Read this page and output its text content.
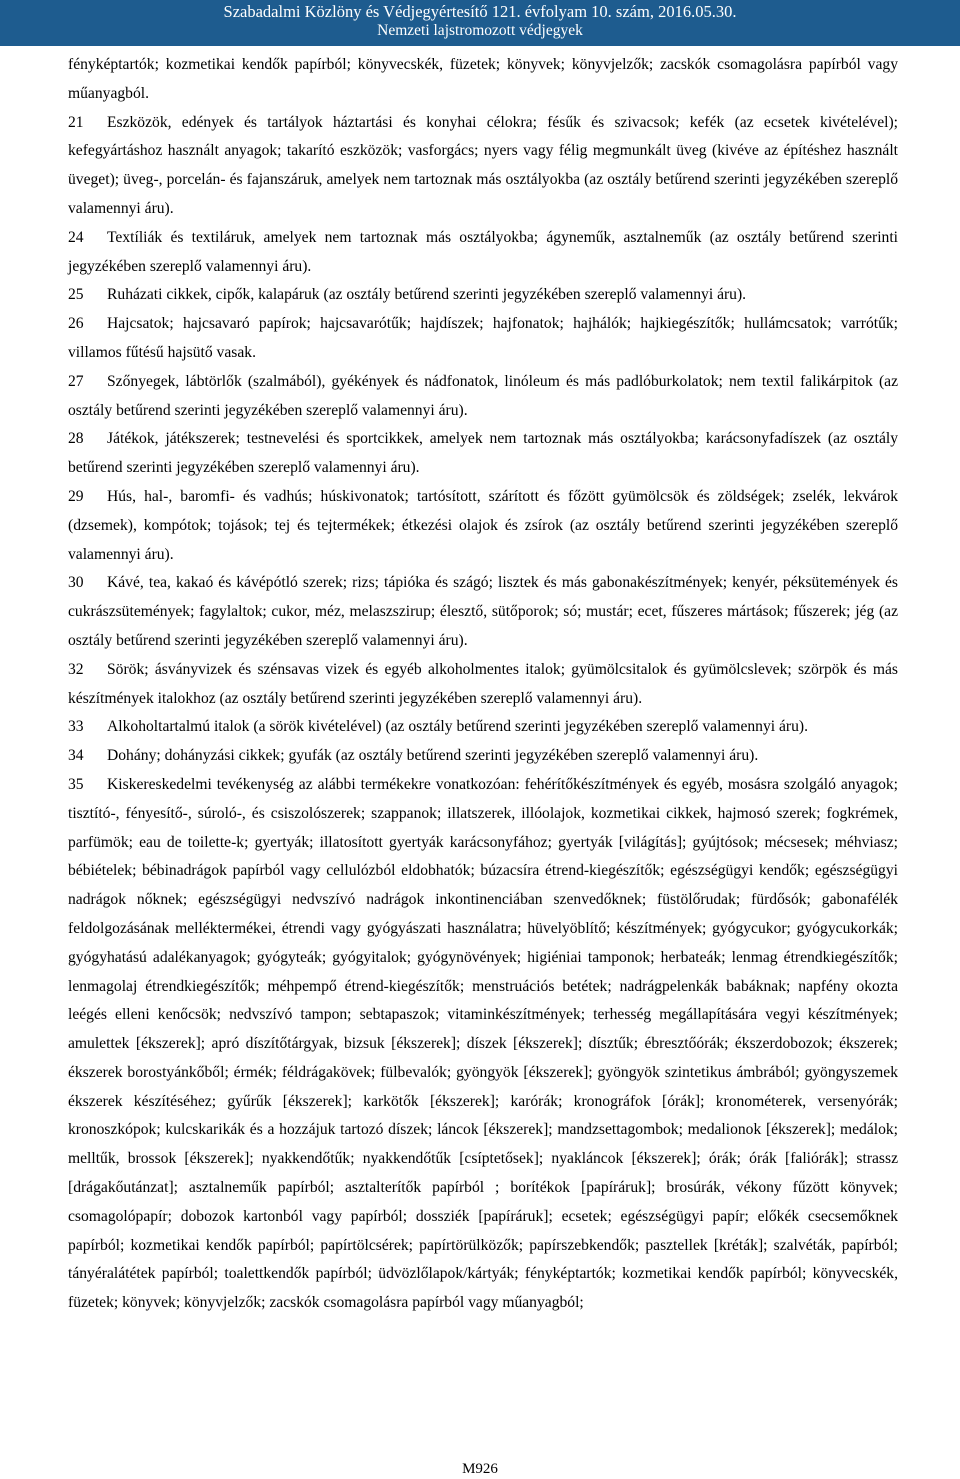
Szabadalmi Közlöny és Védjegyértesítő 121. évfolyam 10. szám, 2016.05.30.
Nemzeti lajstromozott védjegyek

fényképtartók; kozmetikai kendők papírból; könyvecskék, füzetek; könyvek; könyvjelzők; zacskók csomagolásra papírból vagy műanyagból.

21 Eszközök, edények és tartályok háztartási és konyhai célokra; fésűk és szivacsok; kefék (az ecsetek kivételével); kefegyártáshoz használt anyagok; takarító eszközök; vasforgács; nyers vagy félig megmunkált üveg (kivéve az építéshez használt üveget); üveg-, porcelán- és fajanszáruk, amelyek nem tartoznak más osztályokba (az osztály betűrend szerinti jegyzékében szereplő valamennyi áru).

24 Textíliák és textiláruk, amelyek nem tartoznak más osztályokba; ágyneműk, asztalneműk (az osztály betűrend szerinti jegyzékében szereplő valamennyi áru).

25 Ruházati cikkek, cipők, kalapáruk (az osztály betűrend szerinti jegyzékében szereplő valamennyi áru).

26 Hajcsatok; hajcsavaró papírok; hajcsavarótűk; hajdíszek; hajfonatok; hajhálók; hajkiegészítők; hullámcsatok; varrótűk; villamos fűtésű hajsütő vasak.

27 Szőnyegek, lábtörlők (szalmából), gyékények és nádfonatok, linóleum és más padlóburkolatok; nem textil falikárpitok (az osztály betűrend szerinti jegyzékében szereplő valamennyi áru).

28 Játékok, játékszerek; testnevelési és sportcikkek, amelyek nem tartoznak más osztályokba; karácsonyfadíszek (az osztály betűrend szerinti jegyzékében szereplő valamennyi áru).

29 Hús, hal-, baromfi- és vadhús; húskivonatok; tartósított, szárított és főzött gyümölcsök és zöldségek; zselék, lekvárok (dzsemek), kompótok; tojások; tej és tejtermékek; étkezési olajok és zsírok (az osztály betűrend szerinti jegyzékében szereplő valamennyi áru).

30 Kávé, tea, kakaó és kávépótló szerek; rizs; tápióka és szágó; lisztek és más gabonakészítmények; kenyér, péksütemények és cukrászsütemények; fagylaltok; cukor, méz, melaszszirup; élesztő, sütőporok; só; mustár; ecet, fűszeres mártások; fűszerek; jég (az osztály betűrend szerinti jegyzékében szereplő valamennyi áru).

32 Sörök; ásványvizek és szénsavas vizek és egyéb alkoholmentes italok; gyümölcsitalok és gyümölcslevek; szörpök és más készítmények italokhoz (az osztály betűrend szerinti jegyzékében szereplő valamennyi áru).

33 Alkoholtartalmú italok (a sörök kivételével) (az osztály betűrend szerinti jegyzékében szereplő valamennyi áru).

34 Dohány; dohányzási cikkek; gyufák (az osztály betűrend szerinti jegyzékében szereplő valamennyi áru).

35 Kiskereskedelmi tevékenység az alábbi termékekre vonatkozóan: fehérítőkészítmények és egyéb, mosásra szolgáló anyagok; tisztító-, fényesítő-, súroló-, és csiszolószerek; szappanok; illatszerek, illóolajok, kozmetikai cikkek, hajmosó szerek; fogkrémek, parfümök; eau de toilette-k; gyertyák; illatosított gyertyák karácsonyfához; gyertyák [világítás]; gyújtósok; mécsesek; méhviasz; bébiételek; bébinadrágok papírból vagy cellulózból eldobhatók; búzacsíra étrend-kiegészítők; egészségügyi kendők; egészségügyi nadrágok nőknek; egészségügyi nedvszívó nadrágok inkontinenciában szenvedőknek; füstölőrudak; fürdősók; gabonafélék feldolgozásának melléktermékei, étrendi vagy gyógyászati használatra; hüvelyöblítő; készítmények; gyógycukor; gyógycukorkák; gyógyhatású adalékanyagok; gyógyteák; gyógyitalok; gyógynövények; higiéniai tamponok; herbateák; lenmag étrendkiegészítők; lenmagolaj étrendkiegészítők; méhpempő étrend-kiegészítők; menstruációs betétek; nadrágpelenkák babáknak; napfény okozta leégés elleni kenőcsök; nedvszívó tampon; sebtapaszok; vitaminkészítmények; terhesség megállapítására vegyi készítmények; amulettek [ékszerek]; apró díszítőtárgyak, bizsuk [ékszerek]; díszek [ékszerek]; dísztűk; ébresztőórák; ékszerdobozok; ékszerek; ékszerek borostyánkőből; érmék; féldrágakövek; fülbevalók; gyöngyök [ékszerek]; gyöngyök szintetikus ámbrából; gyöngyszemek ékszerek készítéséhez; gyűrűk [ékszerek]; karkötők [ékszerek]; karórák; kronográfok [órák]; kronométerek, versenyórák; kronoszkópok; kulcskarikák és a hozzájuk tartozó díszek; láncok [ékszerek]; mandzsettagombok; medalionok [ékszerek]; medálok; melltűk, brossok [ékszerek]; nyakkendőtűk; nyakkendőtűk [csíptetősek]; nyakláncok [ékszerek]; órák; órák [faliórák]; strassz [drágakőutánzat]; asztalneműk papírból; asztalterítők papírból ; borítékok [papíráruk]; brosúrák, vékony fűzött könyvek; csomagolópapír; dobozok kartonból vagy papírból; dossziék [papíráruk]; ecsetek; egészségügyi papír; előkék csecsemőknek papírból; kozmetikai kendők papírból; papírtölcsérek; papírtörülközők; papírszebkendők; pasztellek [kréták]; szalvéták, papírból; tányéralátétek papírból; toalettkendők papírból; üdvözlőlapok/kártyák; fényképtartók; kozmetikai kendők papírból; könyvecskék, füzetek; könyvek; könyvjelzők; zacskók csomagolásra papírból vagy műanyagból;

M926
